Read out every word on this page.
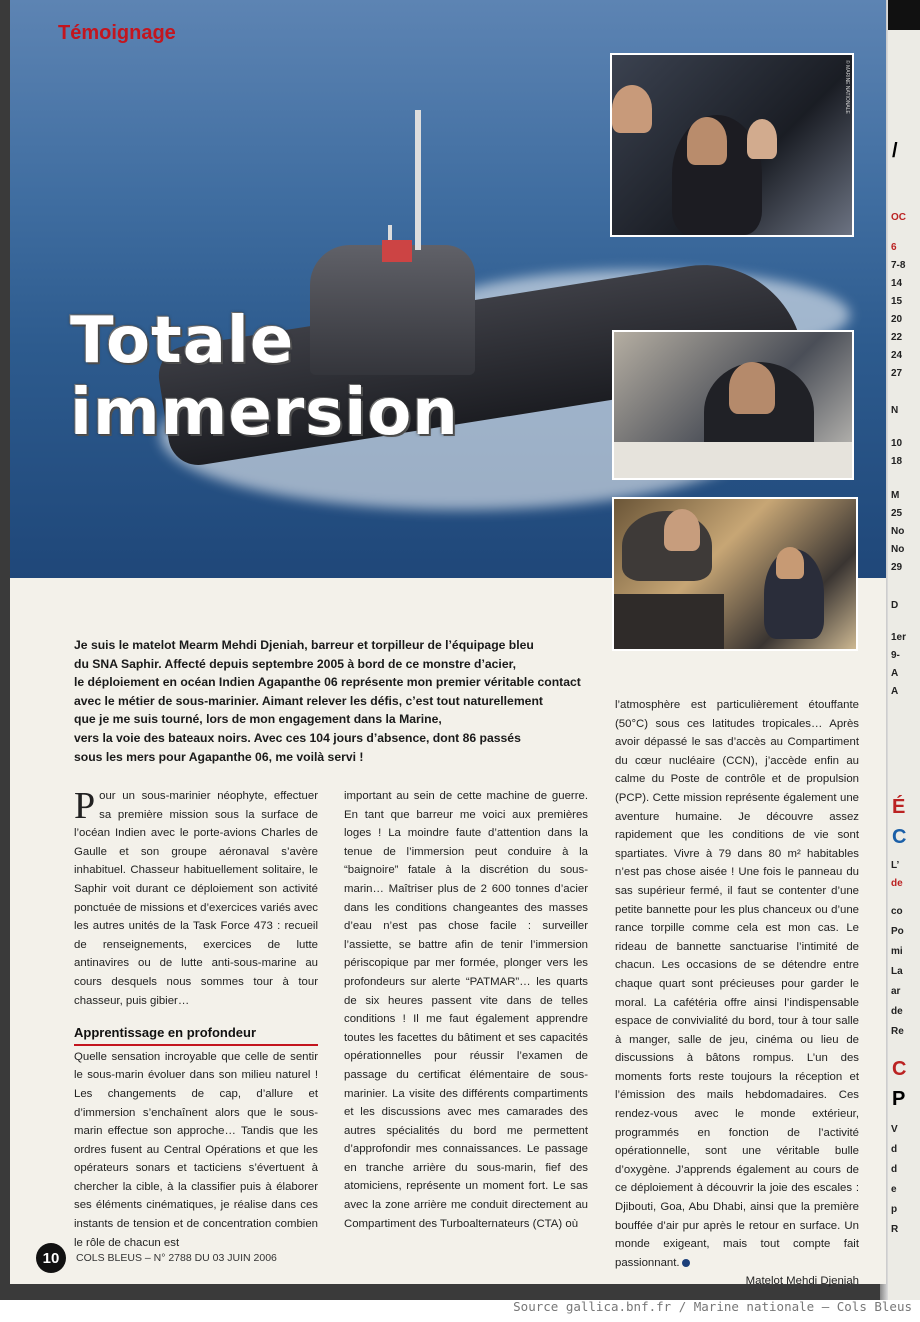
/
OC
6
7-8
14
15
20
22
24
27
N
10
18
M
25
No
No
29
D
1er
9-
A
A
É
C
L’
de
co
Po
mi
La
ar
de
Re
C
P
V
d
d
e
p
R
Témoignage
Totale
immersion
© MARINE NATIONALE
Je suis le matelot Mearm Mehdi Djeniah, barreur et torpilleur de l’équipage bleu
du SNA Saphir. Affecté depuis septembre 2005 à bord de ce monstre d’acier,
le déploiement en océan Indien Agapanthe 06 représente mon premier véritable contact
avec le métier de sous-marinier. Aimant relever les défis, c’est tout naturellement
que je me suis tourné, lors de mon engagement dans la Marine,
vers la voie des bateaux noirs. Avec ces 104 jours d’absence, dont 86 passés
sous les mers pour Agapanthe 06, me voilà servi !

Pour un sous-marinier néophyte, effectuer sa première mission sous la surface de l’océan Indien avec le porte-avions Charles de Gaulle et son groupe aéronaval s’avère inhabituel. Chasseur habituellement solitaire, le Saphir voit durant ce déploiement son activité ponctuée de missions et d’exercices variés avec les autres unités de la Task Force 473 : recueil de renseignements, exercices de lutte antinavires ou de lutte anti-sous-marine au cours desquels nous sommes tour à tour chasseur, puis gibier…

Apprentissage en profondeur

Quelle sensation incroyable que celle de sentir le sous-marin évoluer dans son milieu naturel ! Les changements de cap, d’allure et d’immersion s’enchaînent alors que le sous-marin effectue son approche… Tandis que les ordres fusent au Central Opérations et que les opérateurs sonars et tacticiens s’évertuent à chercher la cible, à la classifier puis à élaborer ses éléments cinématiques, je réalise dans ces instants de tension et de concentration combien le rôle de chacun est

important au sein de cette machine de guerre. En tant que barreur me voici aux premières loges ! La moindre faute d’attention dans la tenue de l’immersion peut conduire à la “baignoire” fatale à la discrétion du sous-marin… Maîtriser plus de 2 600 tonnes d’acier dans les conditions changeantes des masses d’eau n’est pas chose facile : surveiller l’assiette, se battre afin de tenir l’immersion périscopique par mer formée, plonger vers les profondeurs sur alerte “PATMAR”… les quarts de six heures passent vite dans de telles conditions ! Il me faut également apprendre toutes les facettes du bâtiment et ses capacités opérationnelles pour réussir l’examen de passage du certificat élémentaire de sous-marinier. La visite des différents compartiments et les discussions avec mes camarades des autres spécialités du bord me permettent d’approfondir mes connaissances. Le passage en tranche arrière du sous-marin, fief des atomiciens, représente un moment fort. Le sas avec la zone arrière me conduit directement au Compartiment des Turboalternateurs (CTA) où

l’atmosphère est particulièrement étouffante (50°C) sous ces latitudes tropicales… Après avoir dépassé le sas d’accès au Compartiment du cœur nucléaire (CCN), j’accède enfin au calme du Poste de contrôle et de propulsion (PCP). Cette mission représente également une aventure humaine. Je découvre assez rapidement que les conditions de vie sont spartiates. Vivre à 79 dans 80 m² habitables n’est pas chose aisée ! Une fois le panneau du sas supérieur fermé, il faut se contenter d’une petite bannette pour les plus chanceux ou d’une rance torpille comme cela est mon cas. Le rideau de bannette sanctuarise l’intimité de chacun. Les occasions de se détendre entre chaque quart sont précieuses pour garder le moral. La cafétéria offre ainsi l’indispensable espace de convivialité du bord, tour à tour salle à manger, salle de jeu, cinéma ou lieu de discussions à bâtons rompus. L’un des moments forts reste toujours la réception et l’émission des mails hebdomadaires. Ces rendez-vous avec le monde extérieur, programmés en fonction de l’activité opérationnelle, sont une véritable bulle d’oxygène. J’apprends également au cours de ce déploiement à découvrir la joie des escales : Djibouti, Goa, Abu Dhabi, ainsi que la première bouffée d’air pur après le retour en surface. Un monde exigeant, mais tout compte fait passionnant.

Matelot Mehdi Djeniah
10	COLS BLEUS – N° 2788 DU 03 JUIN 2006
Source gallica.bnf.fr / Marine nationale – Cols Bleus
